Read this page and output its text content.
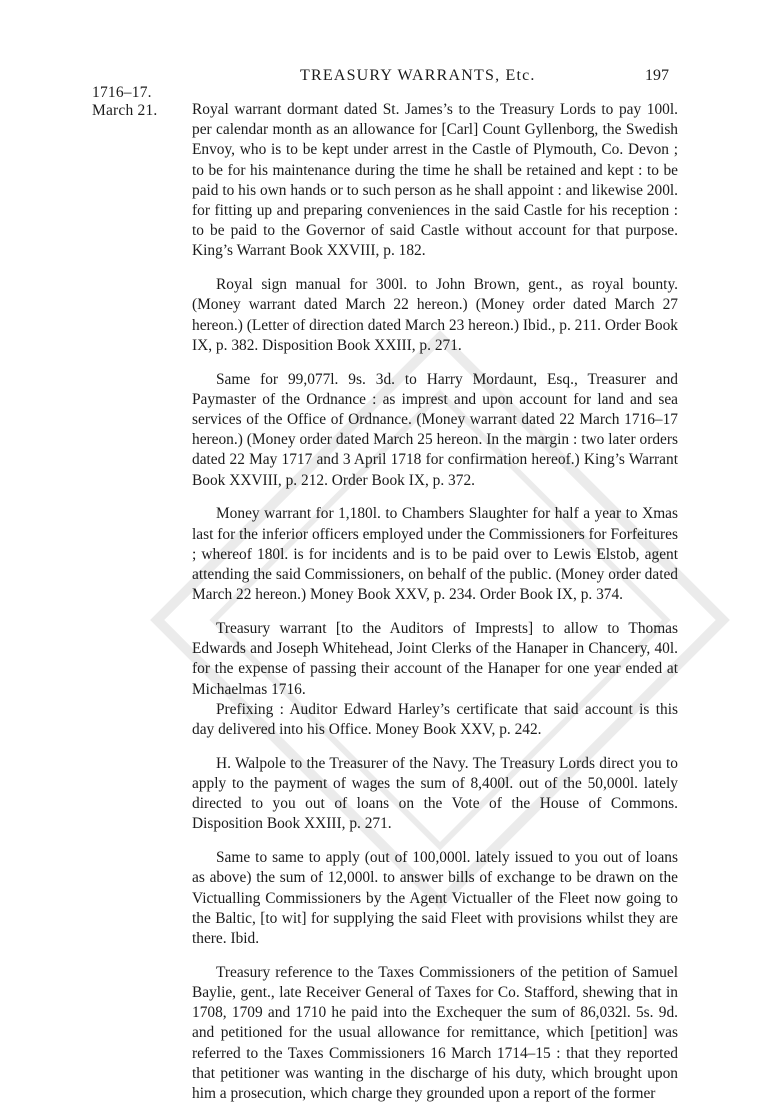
1716–17.
March 21.
TREASURY WARRANTS, Etc.	197

Royal warrant dormant dated St. James’s to the Treasury Lords to pay 100l. per calendar month as an allowance for [Carl] Count Gyllenborg, the Swedish Envoy, who is to be kept under arrest in the Castle of Plymouth, Co. Devon ; to be for his maintenance during the time he shall be retained and kept : to be paid to his own hands or to such person as he shall appoint : and likewise 200l. for fitting up and preparing conveniences in the said Castle for his reception : to be paid to the Governor of said Castle without account for that purpose. King’s Warrant Book XXVIII, p. 182.

Royal sign manual for 300l. to John Brown, gent., as royal bounty. (Money warrant dated March 22 hereon.) (Money order dated March 27 hereon.) (Letter of direction dated March 23 hereon.) Ibid., p. 211. Order Book IX, p. 382. Disposition Book XXIII, p. 271.

Same for 99,077l. 9s. 3d. to Harry Mordaunt, Esq., Treasurer and Paymaster of the Ordnance : as imprest and upon account for land and sea services of the Office of Ordnance. (Money warrant dated 22 March 1716–17 hereon.) (Money order dated March 25 hereon. In the margin : two later orders dated 22 May 1717 and 3 April 1718 for confirmation hereof.) King’s Warrant Book XXVIII, p. 212. Order Book IX, p. 372.

Money warrant for 1,180l. to Chambers Slaughter for half a year to Xmas last for the inferior officers employed under the Commissioners for Forfeitures ; whereof 180l. is for incidents and is to be paid over to Lewis Elstob, agent attending the said Commissioners, on behalf of the public. (Money order dated March 22 hereon.) Money Book XXV, p. 234. Order Book IX, p. 374.

Treasury warrant [to the Auditors of Imprests] to allow to Thomas Edwards and Joseph Whitehead, Joint Clerks of the Hanaper in Chancery, 40l. for the expense of passing their account of the Hanaper for one year ended at Michaelmas 1716.

Prefixing : Auditor Edward Harley’s certificate that said account is this day delivered into his Office. Money Book XXV, p. 242.

H. Walpole to the Treasurer of the Navy. The Treasury Lords direct you to apply to the payment of wages the sum of 8,400l. out of the 50,000l. lately directed to you out of loans on the Vote of the House of Commons. Disposition Book XXIII, p. 271.

Same to same to apply (out of 100,000l. lately issued to you out of loans as above) the sum of 12,000l. to answer bills of exchange to be drawn on the Victualling Commissioners by the Agent Victualler of the Fleet now going to the Baltic, [to wit] for supplying the said Fleet with provisions whilst they are there. Ibid.

Treasury reference to the Taxes Commissioners of the petition of Samuel Baylie, gent., late Receiver General of Taxes for Co. Stafford, shewing that in 1708, 1709 and 1710 he paid into the Exchequer the sum of 86,032l. 5s. 9d. and petitioned for the usual allowance for remittance, which [petition] was referred to the Taxes Commissioners 16 March 1714–15 : that they reported that petitioner was wanting in the discharge of his duty, which brought upon him a prosecution, which charge they grounded upon a report of the former
